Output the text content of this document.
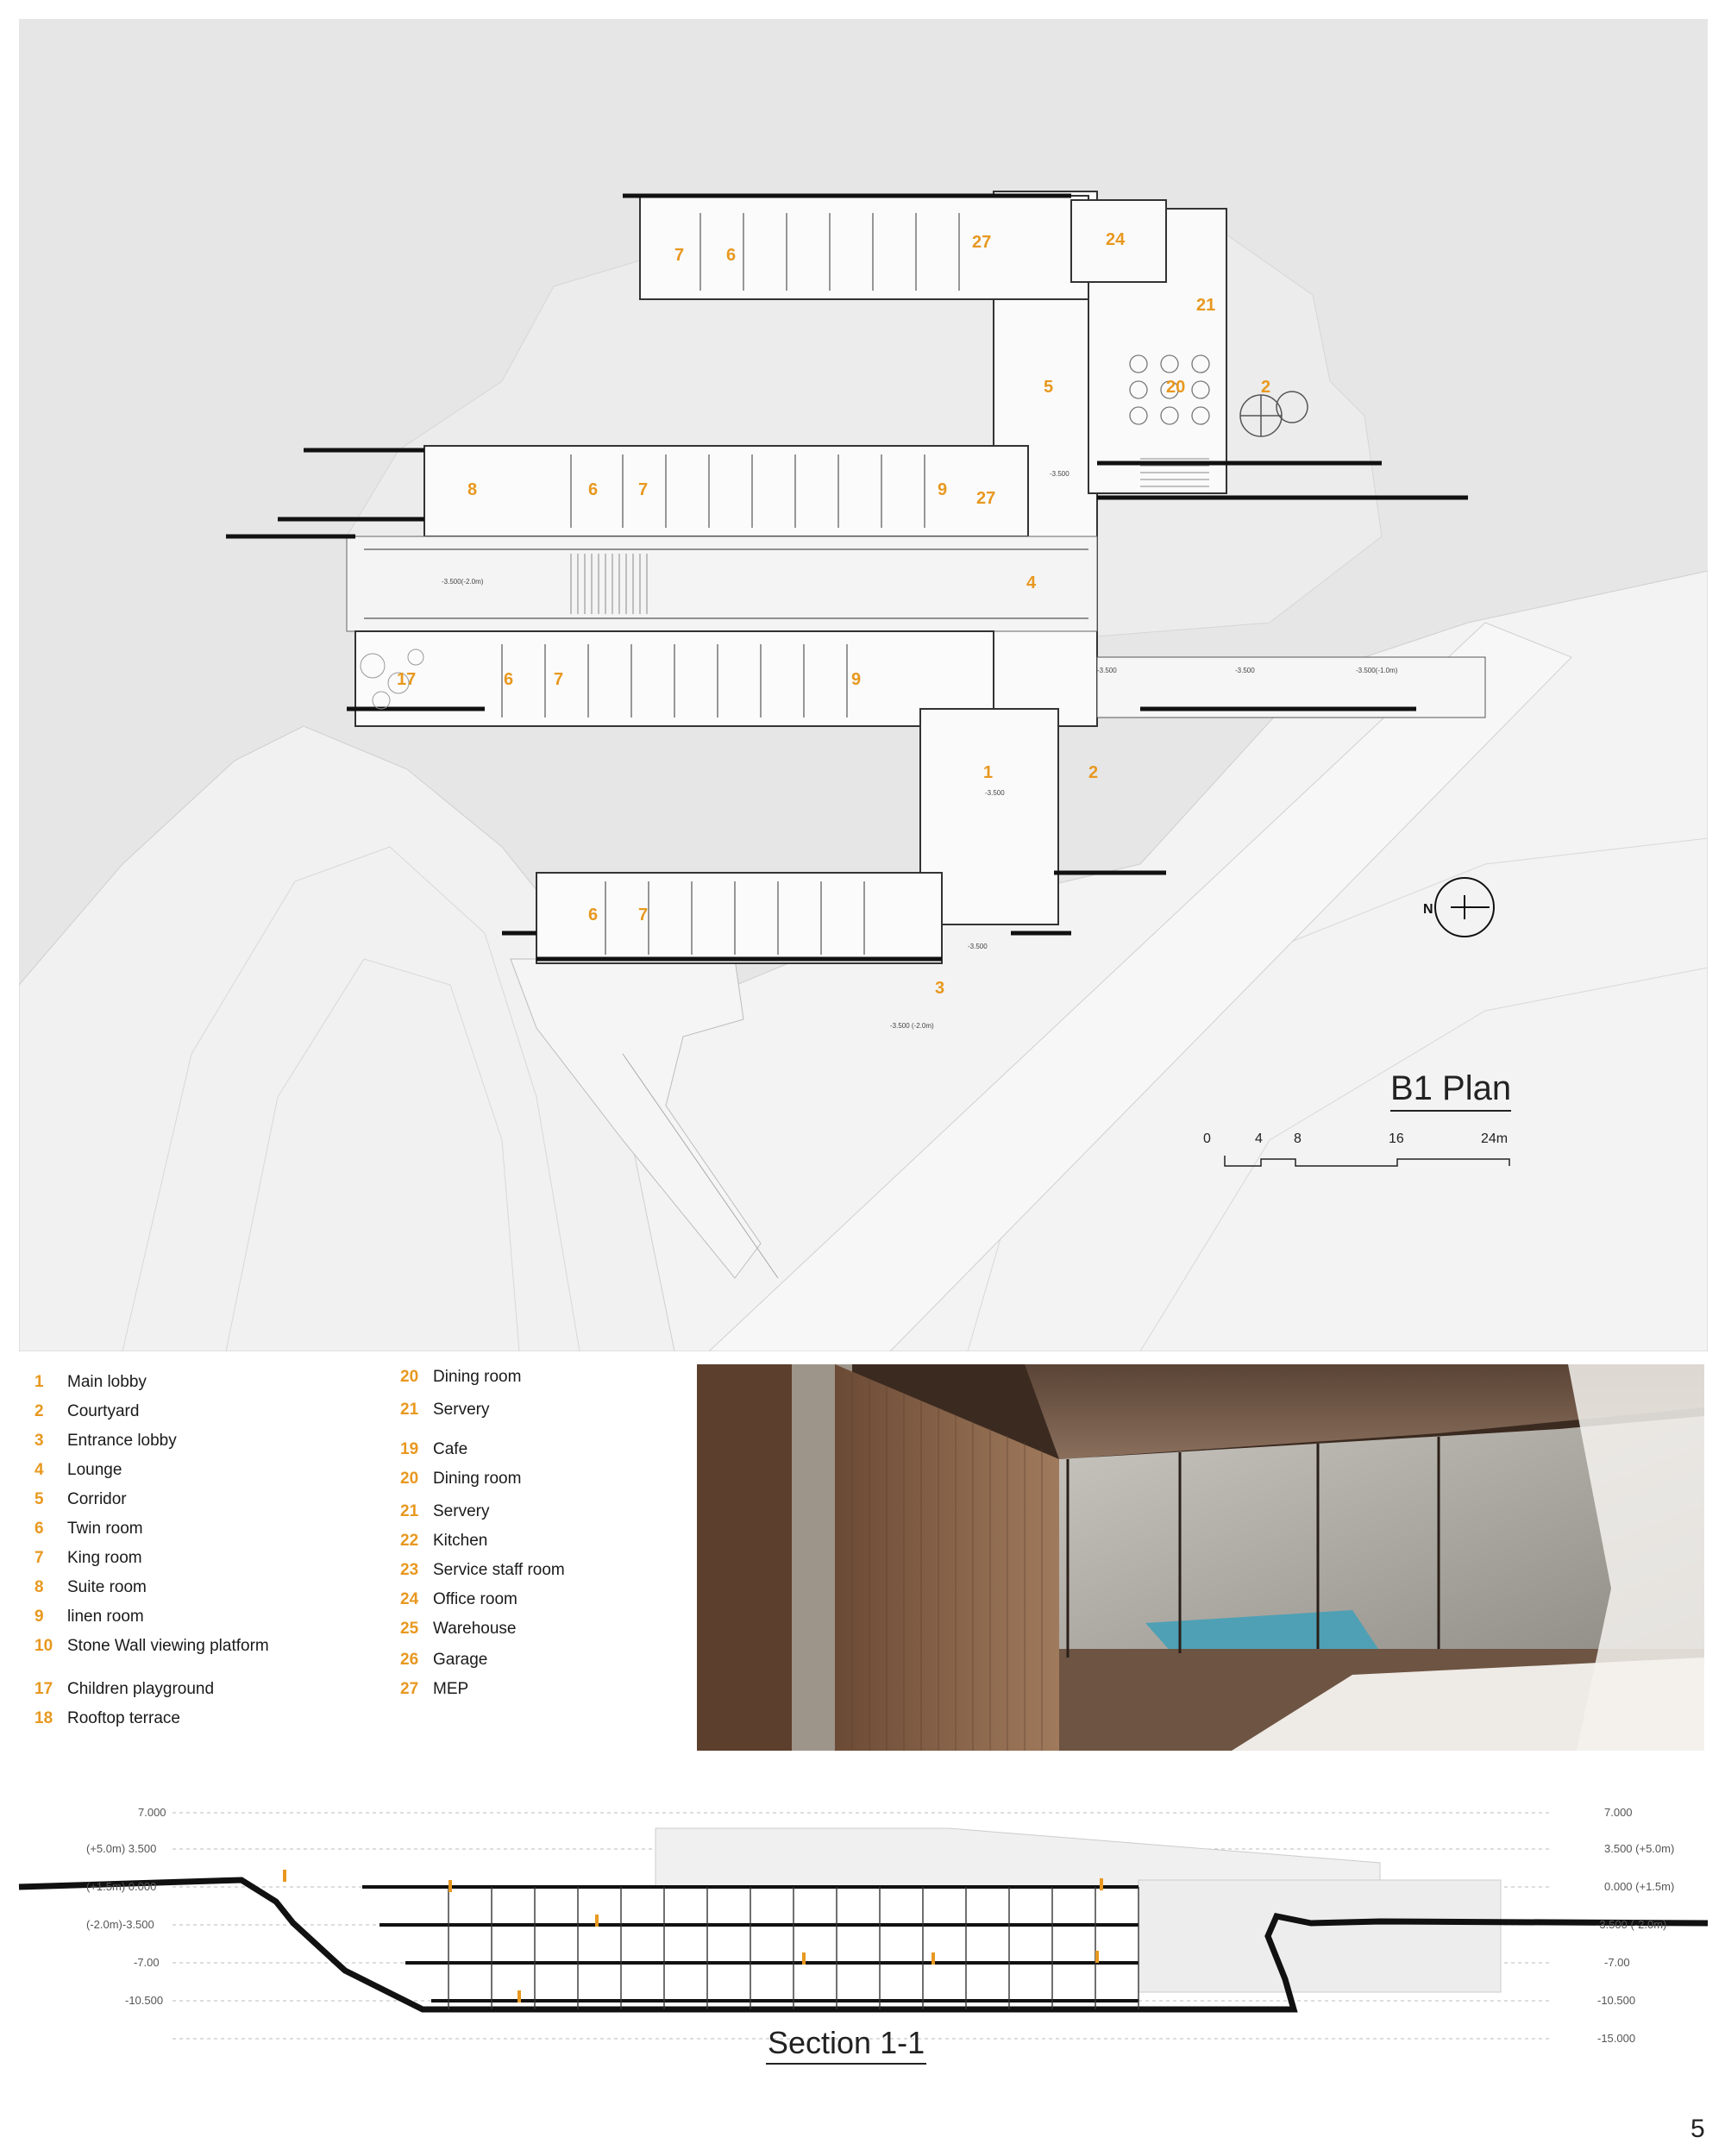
7 6
27	24
21
5	20	2
8	6 7	9 27
4
17	6 7	9
1	2
6 7
3
-3.500(-2.0m)
-3.500
-3.500	-3.500	-3.500(-1.0m)
-3.500
-3.500
-3.500 (-2.0m)
N
B1 Plan
0	4 8	16	24m
1 Main lobby
2 Courtyard
3 Entrance lobby
4 Lounge
5 Corridor
6 Twin room
7 King room
8 Suite room
9 linen room
10 Stone Wall viewing platform
17 Children playground
18 Rooftop terrace
20 Dining room
21 Servery
19 Cafe
20 Dining room
21 Servery
22 Kitchen
23 Service staff room
24 Office room
25 Warehouse
26 Garage
27 MEP
7.000
(+5.0m) 3.500
(+1.5m) 0.000
(-2.0m)-3.500
-7.00
-10.500
7.000
3.500 (+5.0m)
0.000 (+1.5m)
-3.500 (-2.0m)
-7.00
-10.500
-15.000
Section 1-1
5
